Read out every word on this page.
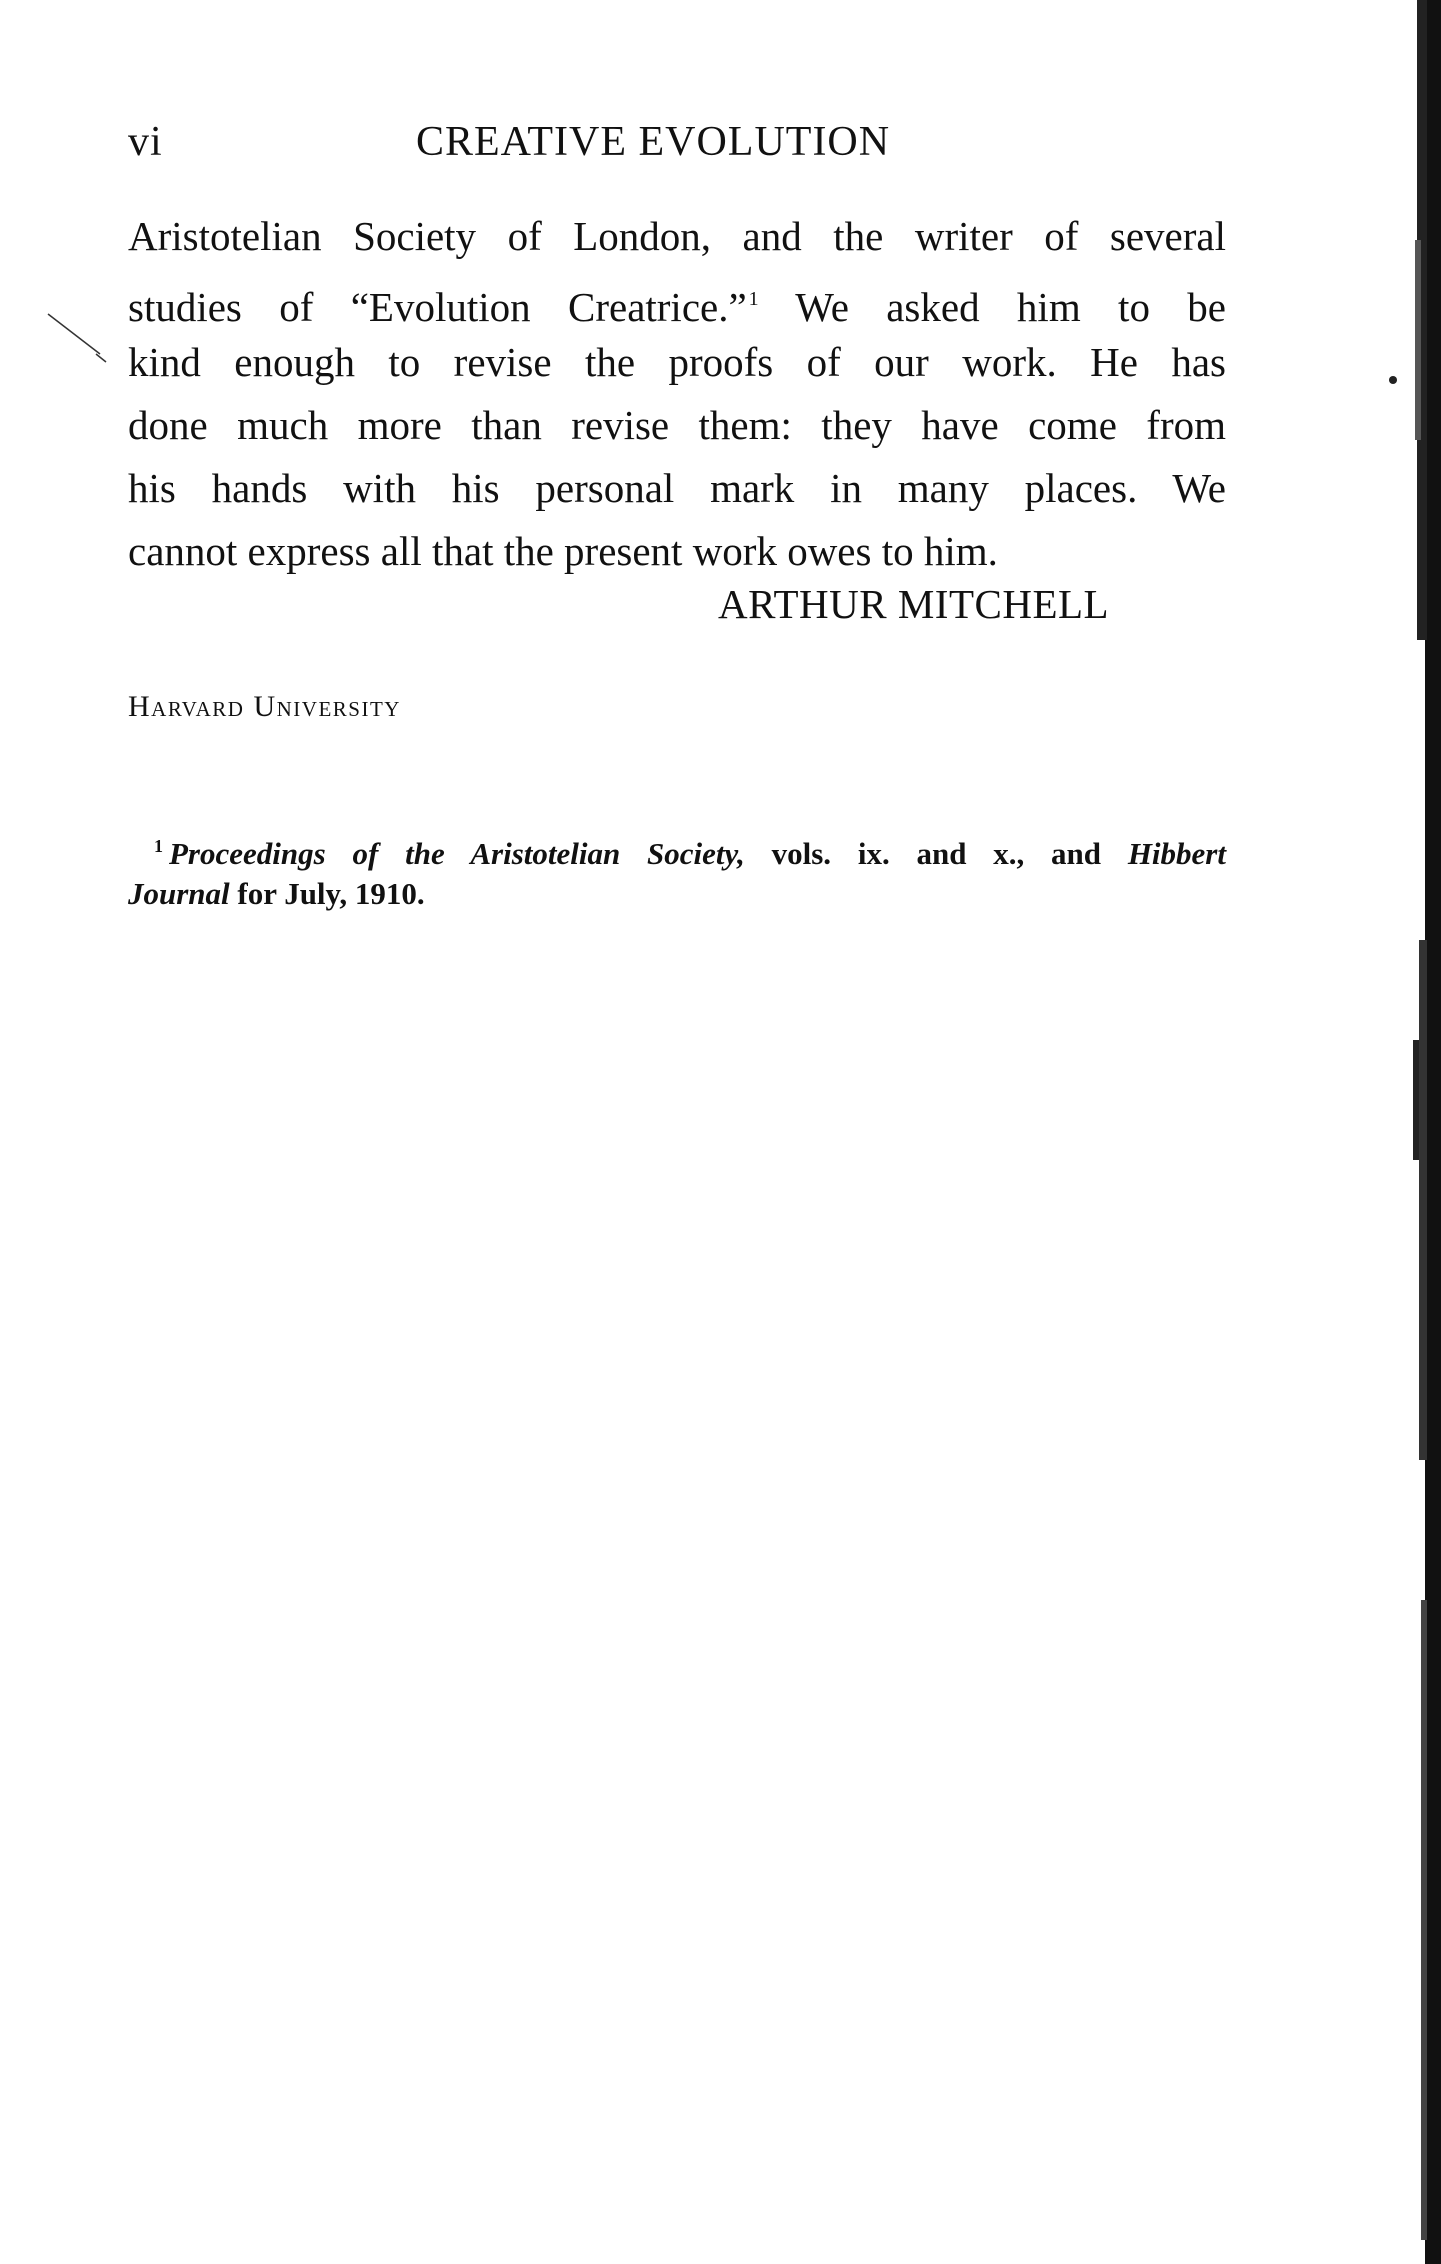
vi	CREATIVE EVOLUTION
Aristotelian Society of London, and the writer of several
studies of “Evolution Creatrice.” $^1$ We asked him to be
kind enough to revise the proofs of our work. He has
done much more than revise them: they have come from
his hands with his personal mark in many places. We
cannot express all that the present work owes to him.
ARTHUR MITCHELL
Harvard University
$^1$ Proceedings of the Aristotelian Society, vols. ix. and x., and Hibbert
Journal for July, 1910.
